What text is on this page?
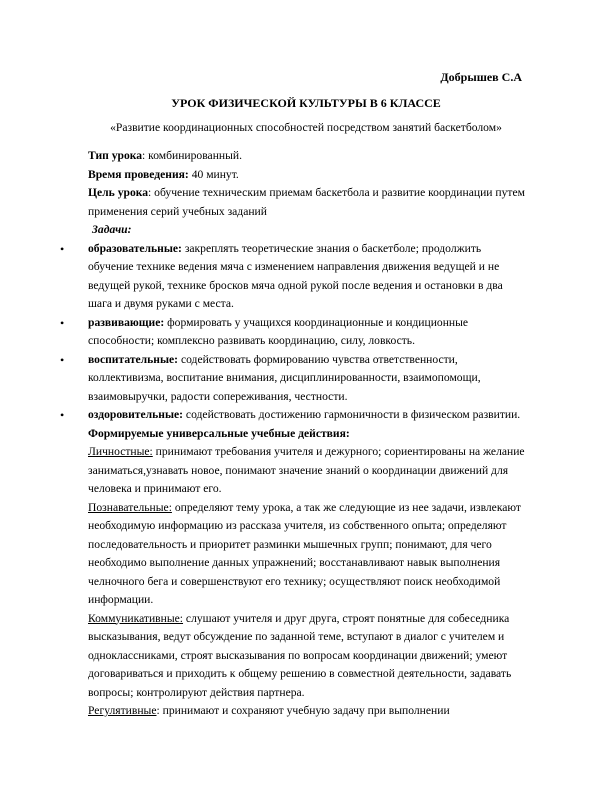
Добрышев С.А
УРОК ФИЗИЧЕСКОЙ КУЛЬТУРЫ В 6 КЛАССЕ
«Развитие координационных способностей посредством занятий баскетболом»

Тип урока: комбинированный.

Время проведения: 40 минут.

Цель урока: обучение техническим приемам баскетбола и развитие координации путем применения серий учебных заданий

Задачи:

• образовательные: закреплять теоретические знания о баскетболе; продолжить обучение технике ведения мяча с изменением направления движения ведущей и не ведущей рукой, технике бросков мяча одной рукой после ведения и остановки в два шага и двумя руками с места.
• развивающие: формировать у учащихся координационные и кондиционные способности; комплексно развивать координацию, силу, ловкость.
• воспитательные: содействовать формированию чувства ответственности, коллективизма, воспитание внимания, дисциплинированности, взаимопомощи, взаимовыручки, радости сопереживания, честности.
• оздоровительные: содействовать достижению гармоничности в физическом развитии.

Формируемые универсальные учебные действия:

Личностные: принимают требования учителя и дежурного; сориентированы на желание заниматься,узнавать новое, понимают значение знаний о координации движений для человека и принимают его.

Познавательные: определяют тему урока, а так же следующие из нее задачи, извлекают необходимую информацию из рассказа учителя, из собственного опыта; определяют последовательность и приоритет разминки мышечных групп; понимают, для чего необходимо выполнение данных упражнений; восстанавливают навык выполнения челночного бега и совершенствуют его технику; осуществляют поиск необходимой информации.

Коммуникативные: слушают учителя и друг друга, строят понятные для собеседника высказывания, ведут обсуждение по заданной теме, вступают в диалог с учителем и одноклассниками, строят высказывания по вопросам координации движений; умеют договариваться и приходить к общему решению в совместной деятельности, задавать вопросы; контролируют действия партнера.

Регулятивные: принимают и сохраняют учебную задачу при выполнении
